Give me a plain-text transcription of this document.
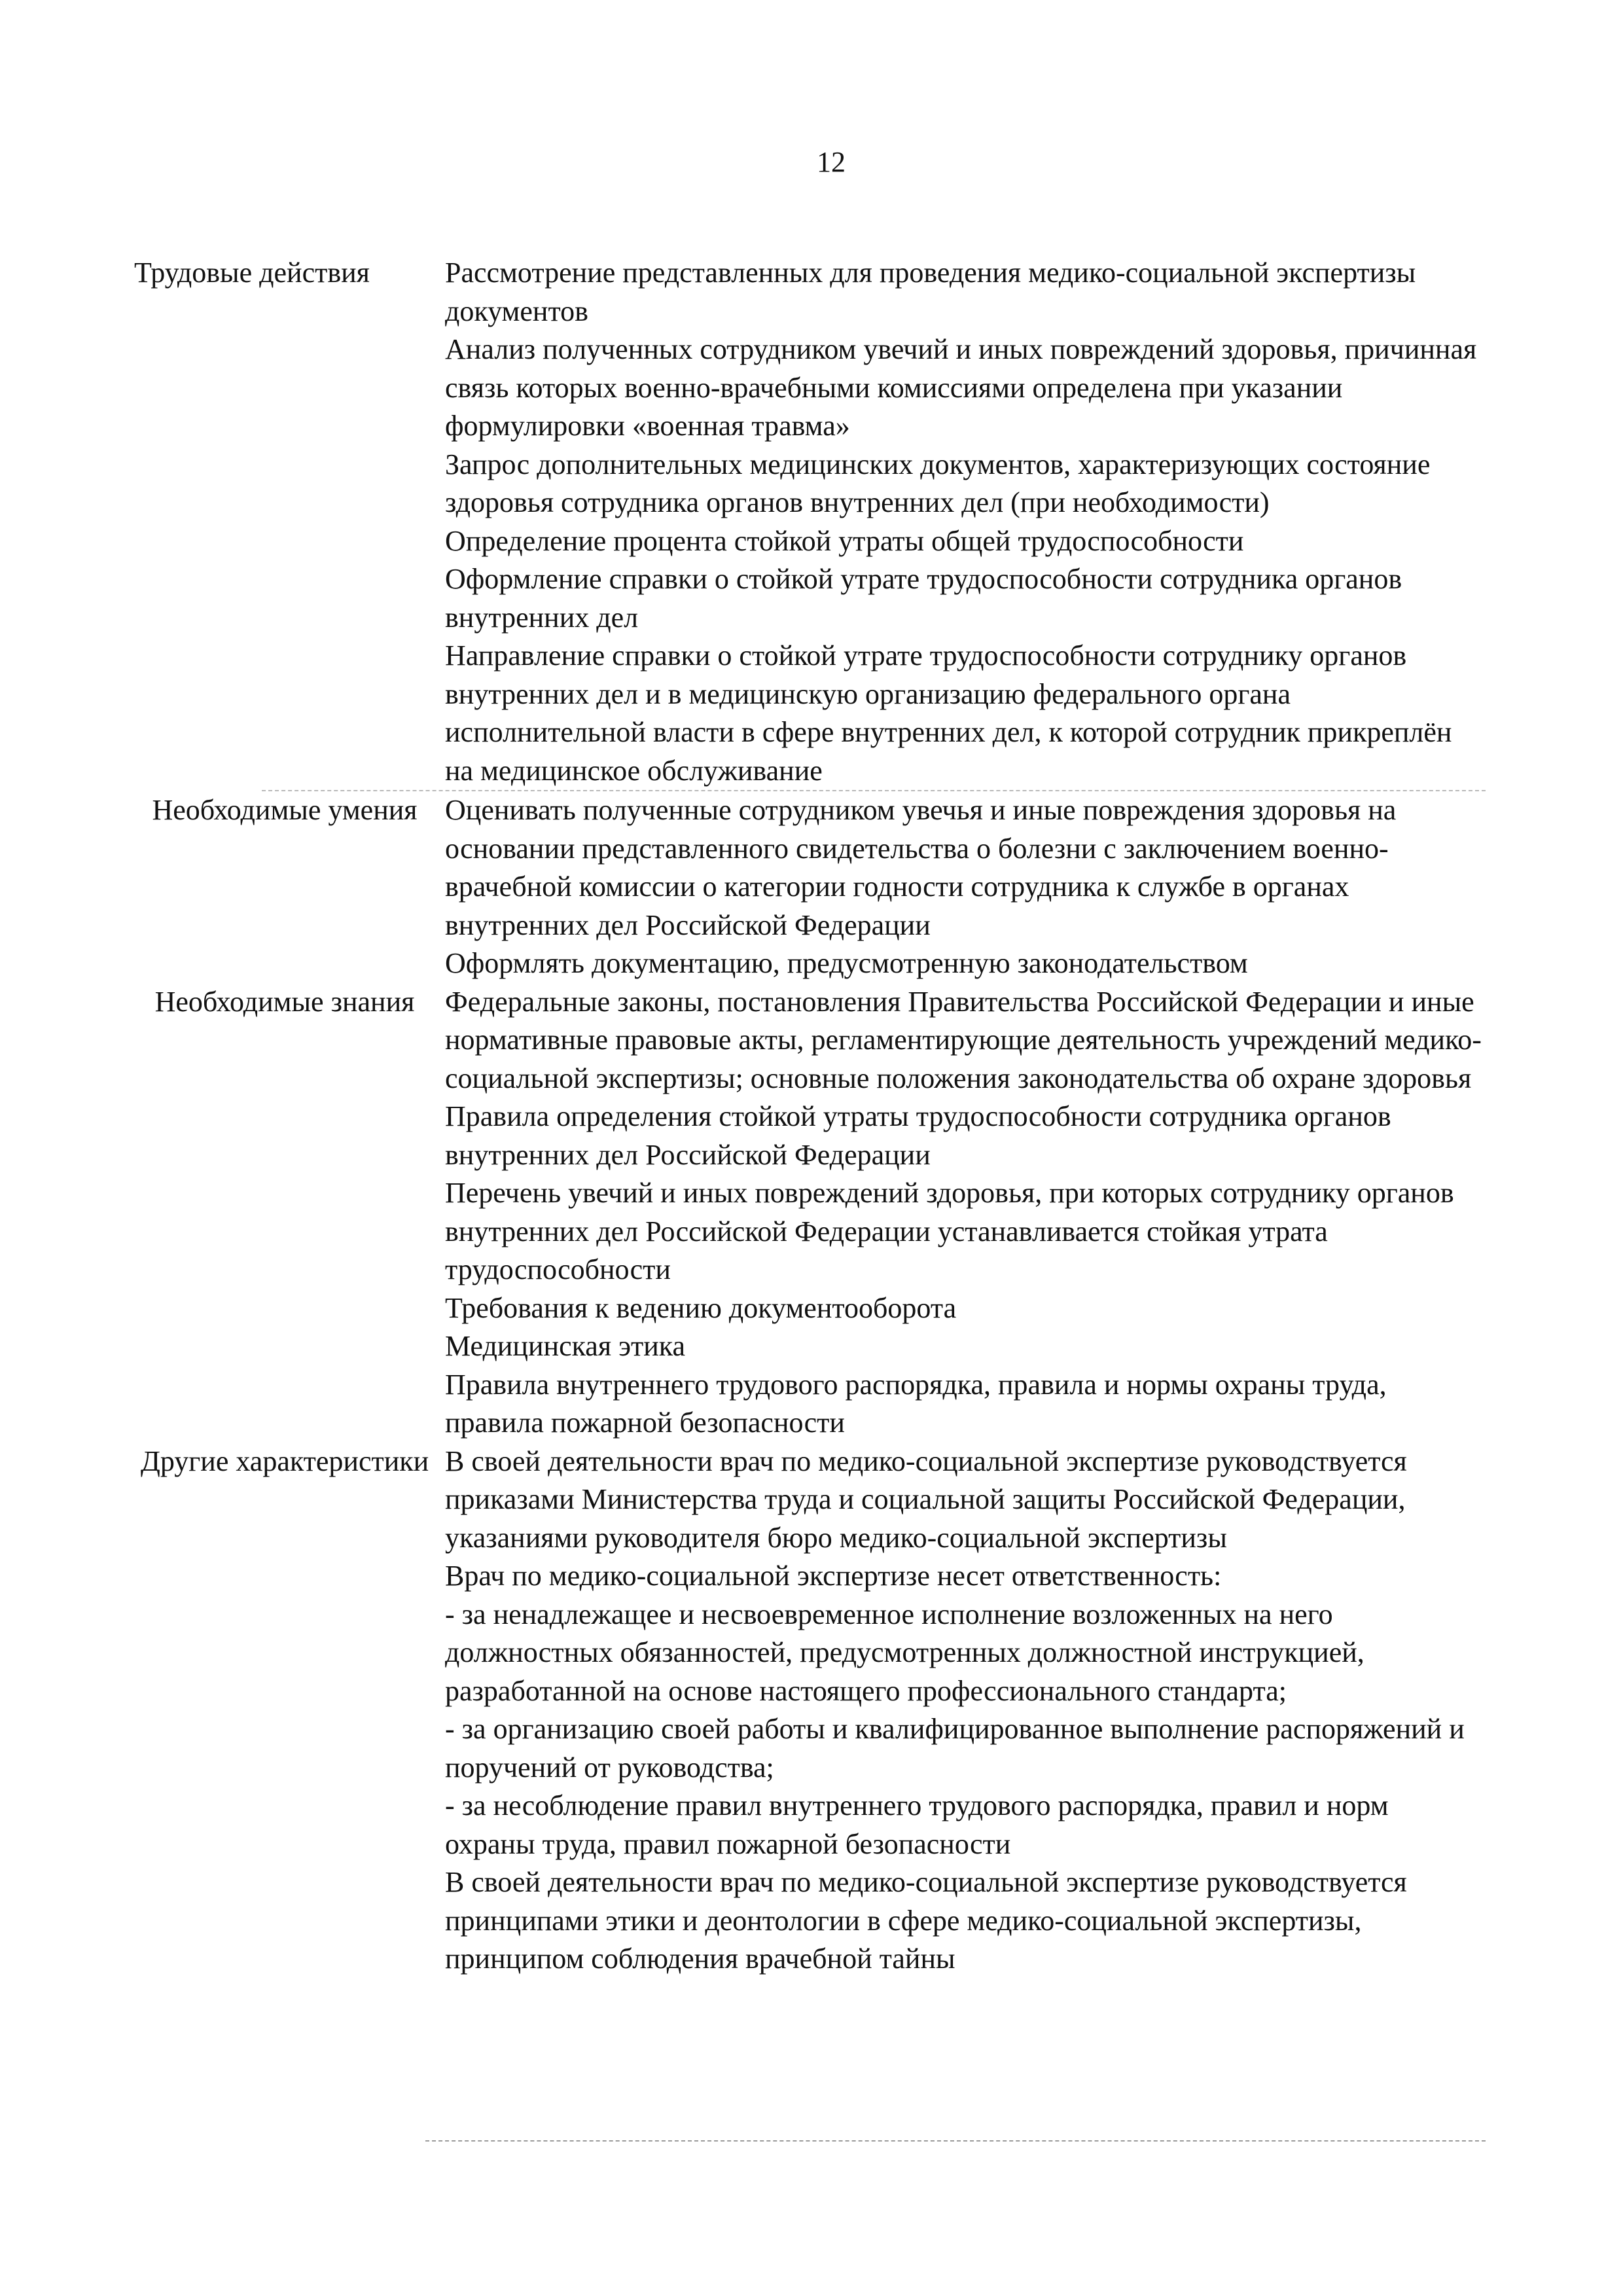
12
Трудовые действия	Рассмотрение представленных для проведения медико-социальной экспертизы документов

Анализ полученных сотрудником увечий и иных повреждений здоровья, причинная связь которых военно-врачебными комиссиями определена при указании формулировки «военная травма»

Запрос дополнительных медицинских документов, характеризующих состояние здоровья сотрудника органов внутренних дел (при необходимости)

Определение процента стойкой утраты общей трудоспособности

Оформление справки о стойкой утрате трудоспособности сотрудника органов внутренних дел

Направление справки о стойкой утрате трудоспособности сотруднику органов внутренних дел и в медицинскую организацию федерального органа исполнительной власти в сфере внутренних дел, к которой сотрудник прикреплён на медицинское обслуживание

Необходимые умения Оценивать полученные сотрудником увечья и иные повреждения здоровья на основании представленного свидетельства о болезни с заключением военно-врачебной комиссии о категории годности сотрудника к службе в органах внутренних дел Российской Федерации

Оформлять документацию, предусмотренную законодательством

Необходимые знания	Федеральные законы, постановления Правительства Российской Федерации и иные нормативные правовые акты, регламентирующие деятельность учреждений медико-социальной экспертизы; основные положения законодательства об охране здоровья

Правила определения стойкой утраты трудоспособности сотрудника органов внутренних дел Российской Федерации

Перечень увечий и иных повреждений здоровья, при которых сотруднику органов внутренних дел Российской Федерации устанавливается стойкая утрата трудоспособности

Требования к ведению документооборота

Медицинская этика

Правила внутреннего трудового распорядка, правила и нормы охраны труда, правила пожарной безопасности

Другие характеристики В своей деятельности врач по медико-социальной экспертизе руководствуется приказами Министерства труда и социальной защиты Российской Федерации, указаниями руководителя бюро медико-социальной экспертизы

Врач по медико-социальной экспертизе несет ответственность:

- за ненадлежащее и несвоевременное исполнение возложенных на него должностных обязанностей, предусмотренных должностной инструкцией, разработанной на основе настоящего профессионального стандарта;

- за организацию своей работы и квалифицированное выполнение распоряжений и поручений от руководства;

- за несоблюдение правил внутреннего трудового распорядка, правил и норм охраны труда, правил пожарной безопасности

В своей деятельности врач по медико-социальной экспертизе руководствуется принципами этики и деонтологии в сфере медико-социальной экспертизы, принципом соблюдения врачебной тайны
